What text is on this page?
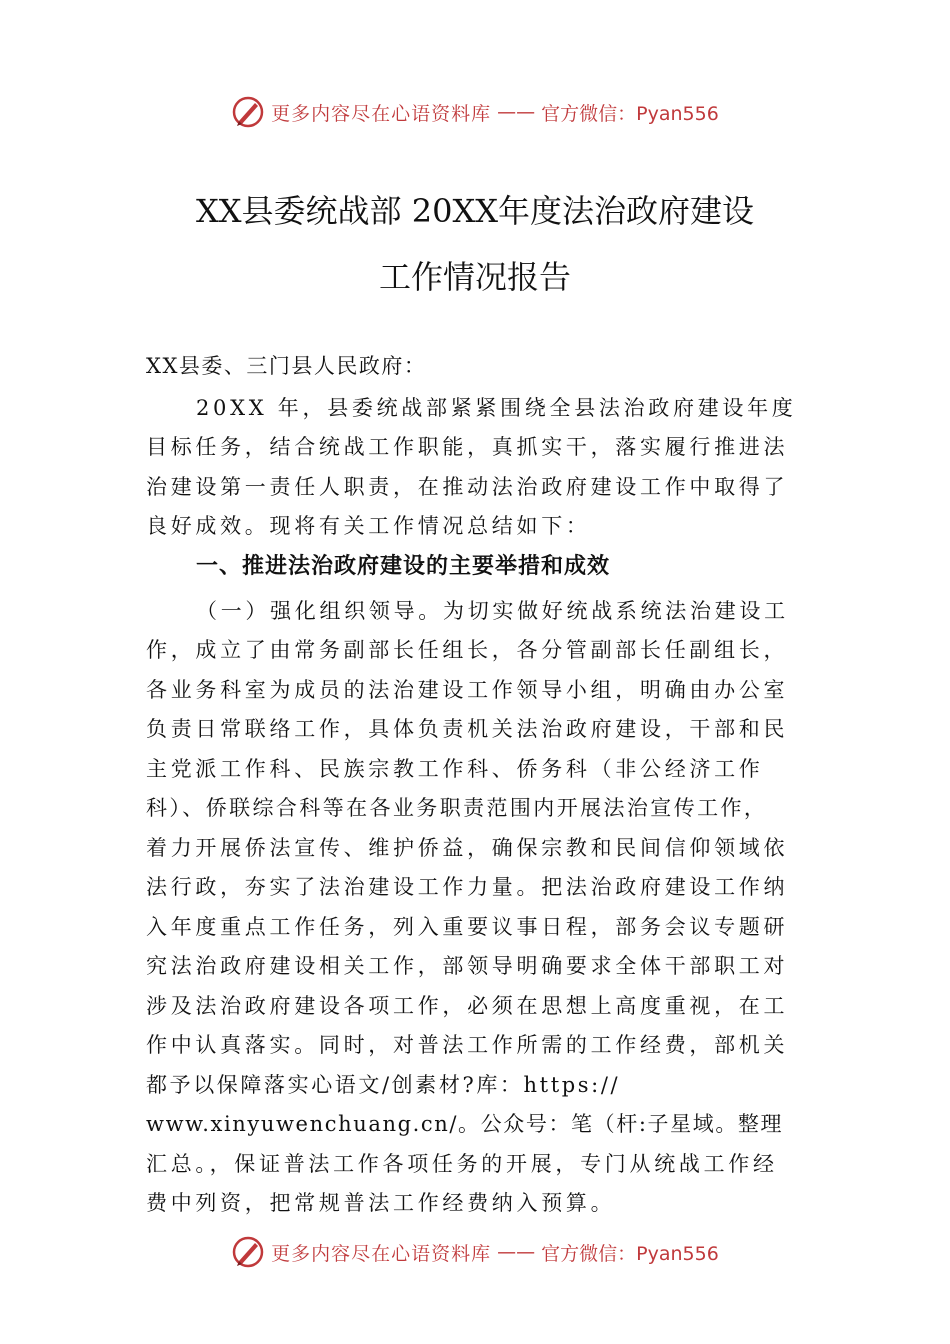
更多内容尽在心语资料库 —— 官方微信：Pyan556
XX县委统战部 20XX年度法治政府建设
工作情况报告
XX县委、三门县人民政府：
20XX 年，县委统战部紧紧围绕全县法治政府建设年度
目标任务，结合统战工作职能，真抓实干，落实履行推进法
治建设第一责任人职责，在推动法治政府建设工作中取得了
良好成效。现将有关工作情况总结如下：
一、推进法治政府建设的主要举措和成效
（一）强化组织领导。为切实做好统战系统法治建设工
作，成立了由常务副部长任组长，各分管副部长任副组长，
各业务科室为成员的法治建设工作领导小组，明确由办公室
负责日常联络工作，具体负责机关法治政府建设，干部和民
主党派工作科、民族宗教工作科、侨务科（非公经济工作
科）、侨联综合科等在各业务职责范围内开展法治宣传工作，
着力开展侨法宣传、维护侨益，确保宗教和民间信仰领域依
法行政，夯实了法治建设工作力量。把法治政府建设工作纳
入年度重点工作任务，列入重要议事日程，部务会议专题研
究法治政府建设相关工作，部领导明确要求全体干部职工对
涉及法治政府建设各项工作，必须在思想上高度重视，在工
作中认真落实。同时，对普法工作所需的工作经费，部机关
都予以保障落实心语文/创素材?库：https://
www.xinyuwenchuang.cn/。公众号：笔（杆:子星域。整理
汇总。，保证普法工作各项任务的开展，专门从统战工作经
费中列资，把常规普法工作经费纳入预算。
更多内容尽在心语资料库 —— 官方微信：Pyan556
